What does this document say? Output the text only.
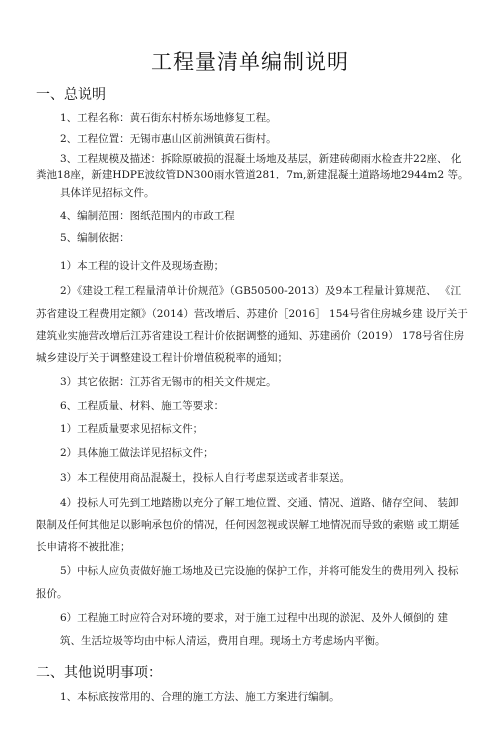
工程量清单编制说明
一、总说明
1、工程名称：黄石街东村桥东场地修复工程。
2、工程位置：无锡市惠山区前洲镇黄石街村。
3、工程规模及描述：拆除原破损的混凝土场地及基层，新建砖砌雨水检查井22座、 化
粪池18座，新建HDPE波纹管DN300雨水管道281．7m,新建混凝土道路场地2944m2 等。
具体详见招标文件。
4、编制范围：图纸范围内的市政工程
5、编制依据：
1）本工程的设计文件及现场查勘；
2）《建设工程工程量清单计价规范》（GB50500-2013）及9本工程量计算规范、 《江
苏省建设工程费用定额》（2014）营改增后、苏建价［2016］ 154号省住房城乡建 设厅关于
建筑业实施营改增后江苏省建设工程计价依据调整的通知、苏建函价（2019） 178号省住房
城乡建设厅关于调整建设工程计价增值税税率的通知；
3）其它依据：江苏省无锡市的相关文件规定。
6、工程质量、材料、施工等要求：
1）工程质量要求见招标文件；
2）具体施工做法详见招标文件；
3）本工程使用商品混凝土，投标人自行考虑泵送或者非泵送。
4）投标人可先到工地踏勘以充分了解工地位置、交通、情况、道路、储存空间、 装卸
限制及任何其他足以影响承包价的情况，任何因忽视或误解工地情况而导致的索赔 或工期延
长申请将不被批准；
5）中标人应负责做好施工场地及已完设施的保护工作，并将可能发生的费用列入 投标
报价。
6）工程施工时应符合对环境的要求，对于施工过程中出现的淤泥、及外人倾倒的 建
筑、生活垃圾等均由中标人清运，费用自理。现场土方考虑场内平衡。
二、其他说明事项：
1、本标底按常用的、合理的施工方法、施工方案进行编制。
